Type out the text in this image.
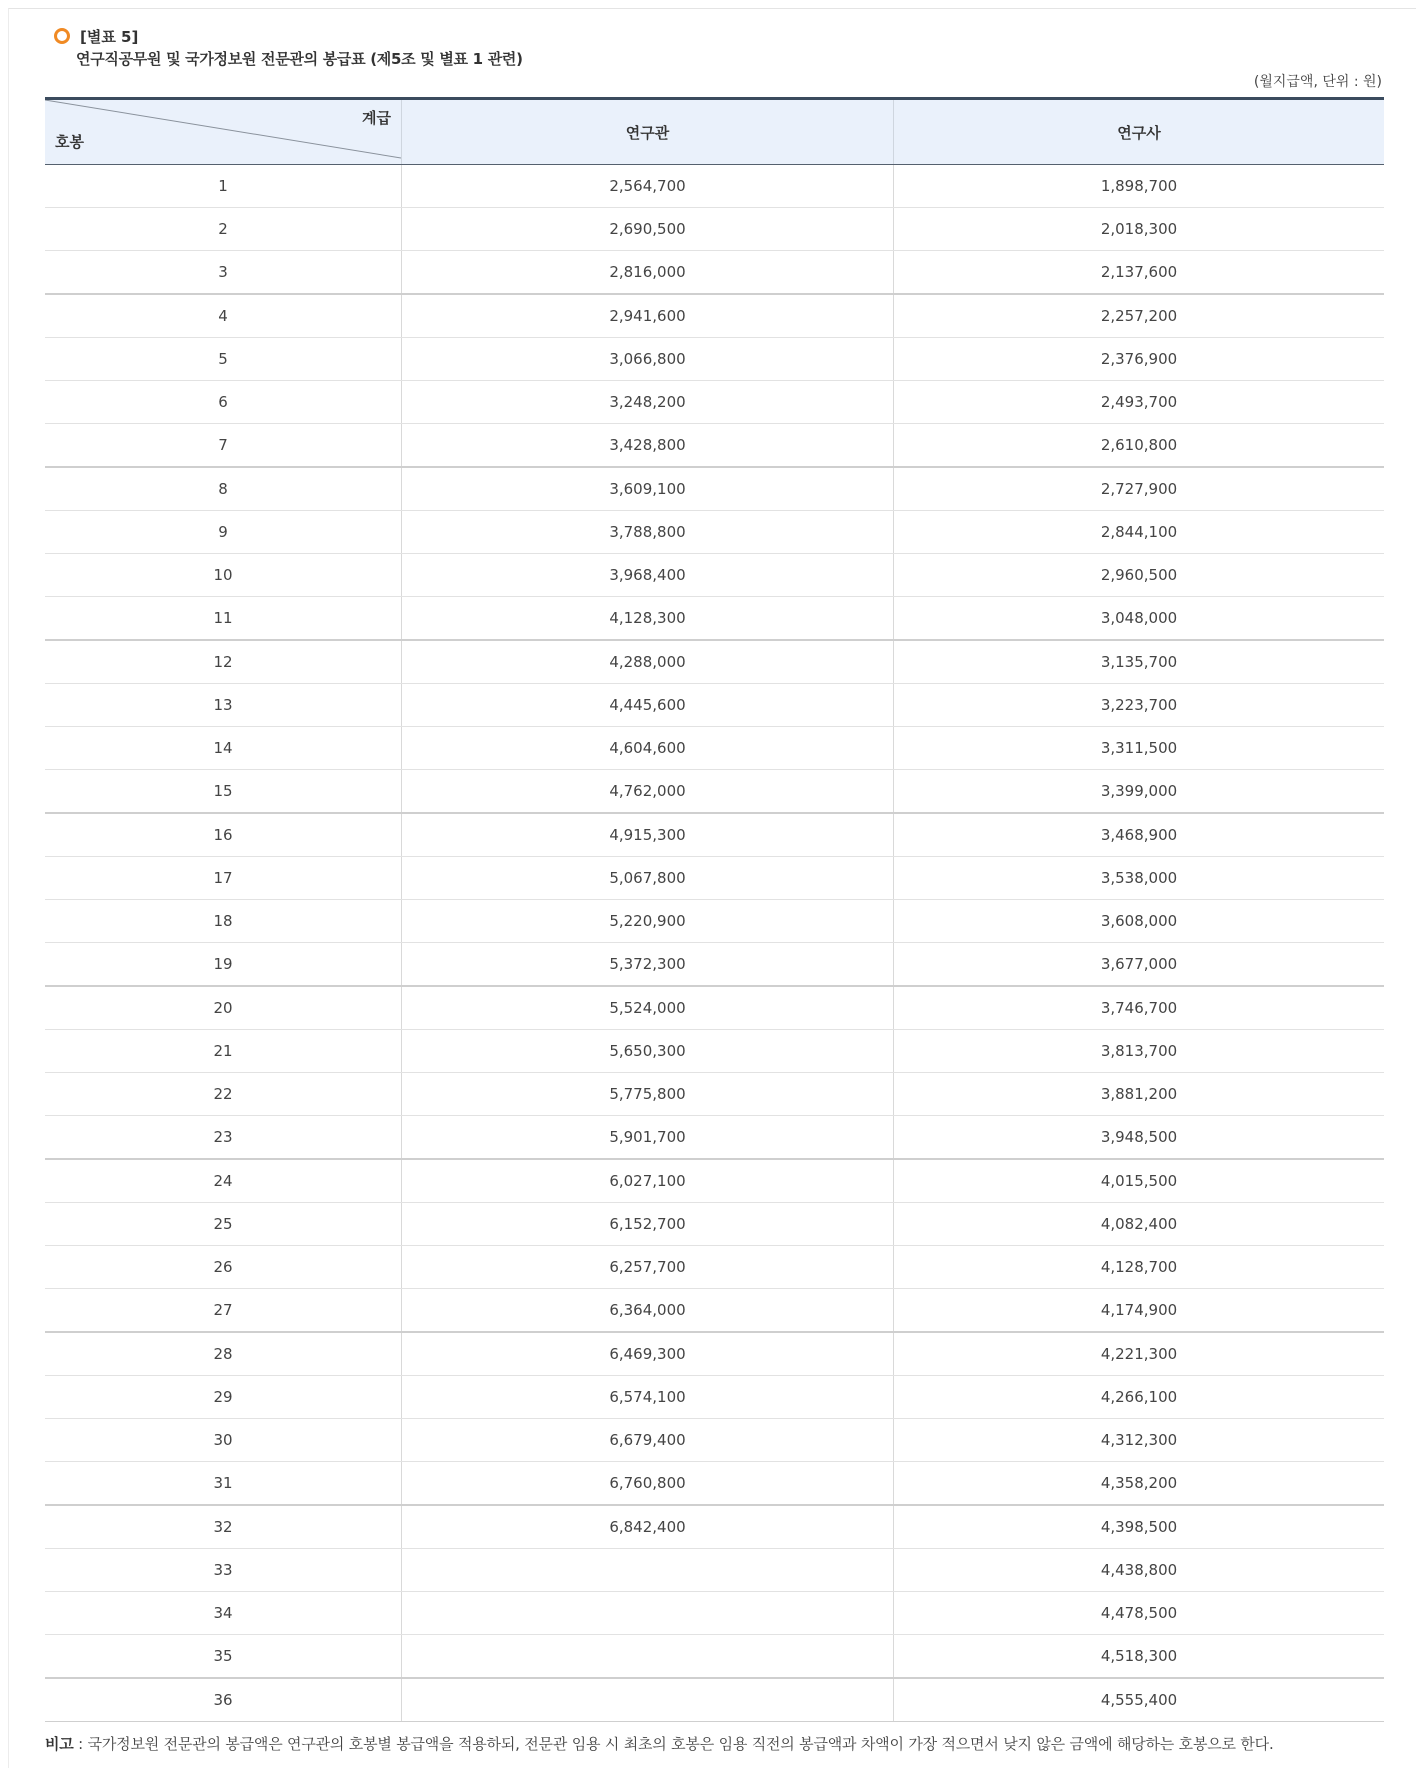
[별표 5]
연구직공무원 및 국가정보원 전문관의 봉급표 (제5조 및 별표 1 관련)
(월지급액, 단위 : 원)
계급
호봉	연구관	연구사
1	2,564,700	1,898,700
2	2,690,500	2,018,300
3	2,816,000	2,137,600
4	2,941,600	2,257,200
5	3,066,800	2,376,900
6	3,248,200	2,493,700
7	3,428,800	2,610,800
8	3,609,100	2,727,900
9	3,788,800	2,844,100
10	3,968,400	2,960,500
11	4,128,300	3,048,000
12	4,288,000	3,135,700
13	4,445,600	3,223,700
14	4,604,600	3,311,500
15	4,762,000	3,399,000
16	4,915,300	3,468,900
17	5,067,800	3,538,000
18	5,220,900	3,608,000
19	5,372,300	3,677,000
20	5,524,000	3,746,700
21	5,650,300	3,813,700
22	5,775,800	3,881,200
23	5,901,700	3,948,500
24	6,027,100	4,015,500
25	6,152,700	4,082,400
26	6,257,700	4,128,700
27	6,364,000	4,174,900
28	6,469,300	4,221,300
29	6,574,100	4,266,100
30	6,679,400	4,312,300
31	6,760,800	4,358,200
32	6,842,400	4,398,500
33		4,438,800
34		4,478,500
35		4,518,300
36		4,555,400
비고 : 국가정보원 전문관의 봉급액은 연구관의 호봉별 봉급액을 적용하되, 전문관 임용 시 최초의 호봉은 임용 직전의 봉급액과 차액이 가장 적으면서 낮지 않은 금액에 해당하는 호봉으로 한다.
